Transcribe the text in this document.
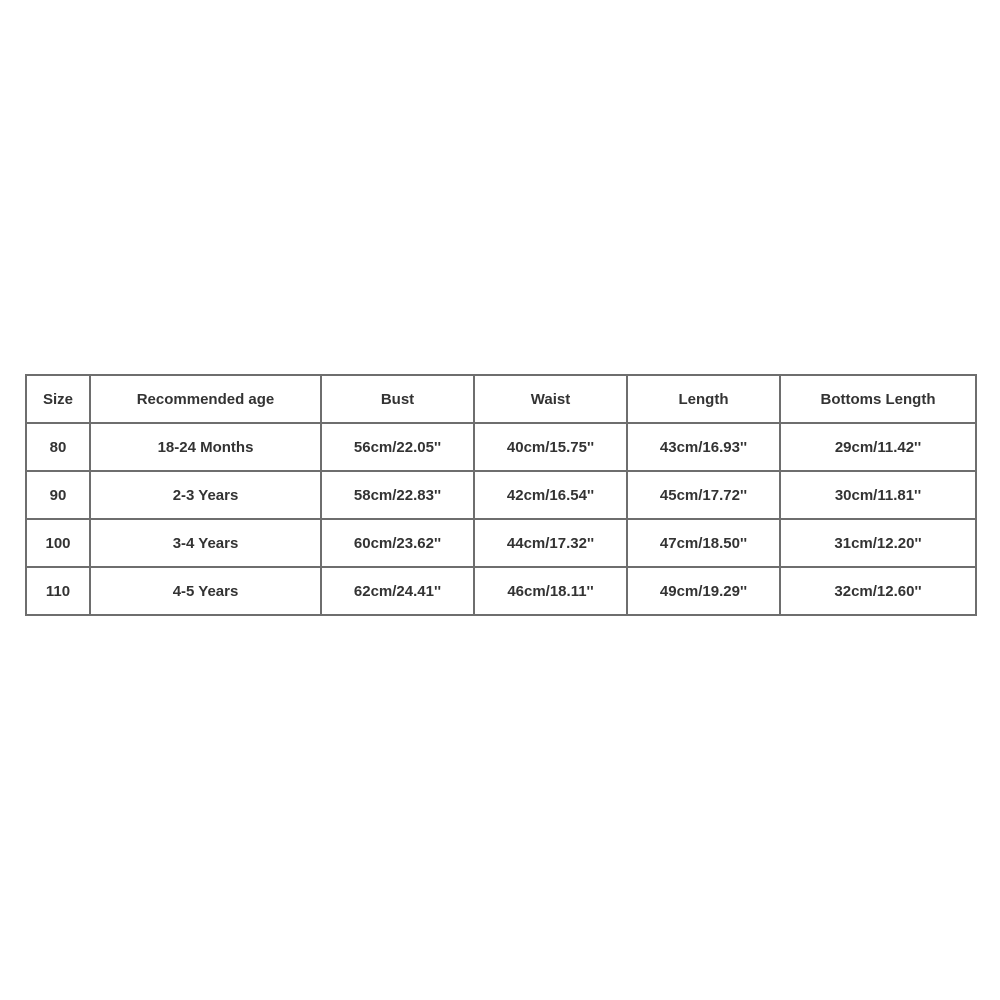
Size	Recommended age	Bust	Waist	Length	Bottoms Length
80	18-24 Months	56cm/22.05''	40cm/15.75''	43cm/16.93''	29cm/11.42''
90	2-3 Years	58cm/22.83''	42cm/16.54''	45cm/17.72''	30cm/11.81''
100	3-4 Years	60cm/23.62''	44cm/17.32''	47cm/18.50''	31cm/12.20''
110	4-5 Years	62cm/24.41''	46cm/18.11''	49cm/19.29''	32cm/12.60''
